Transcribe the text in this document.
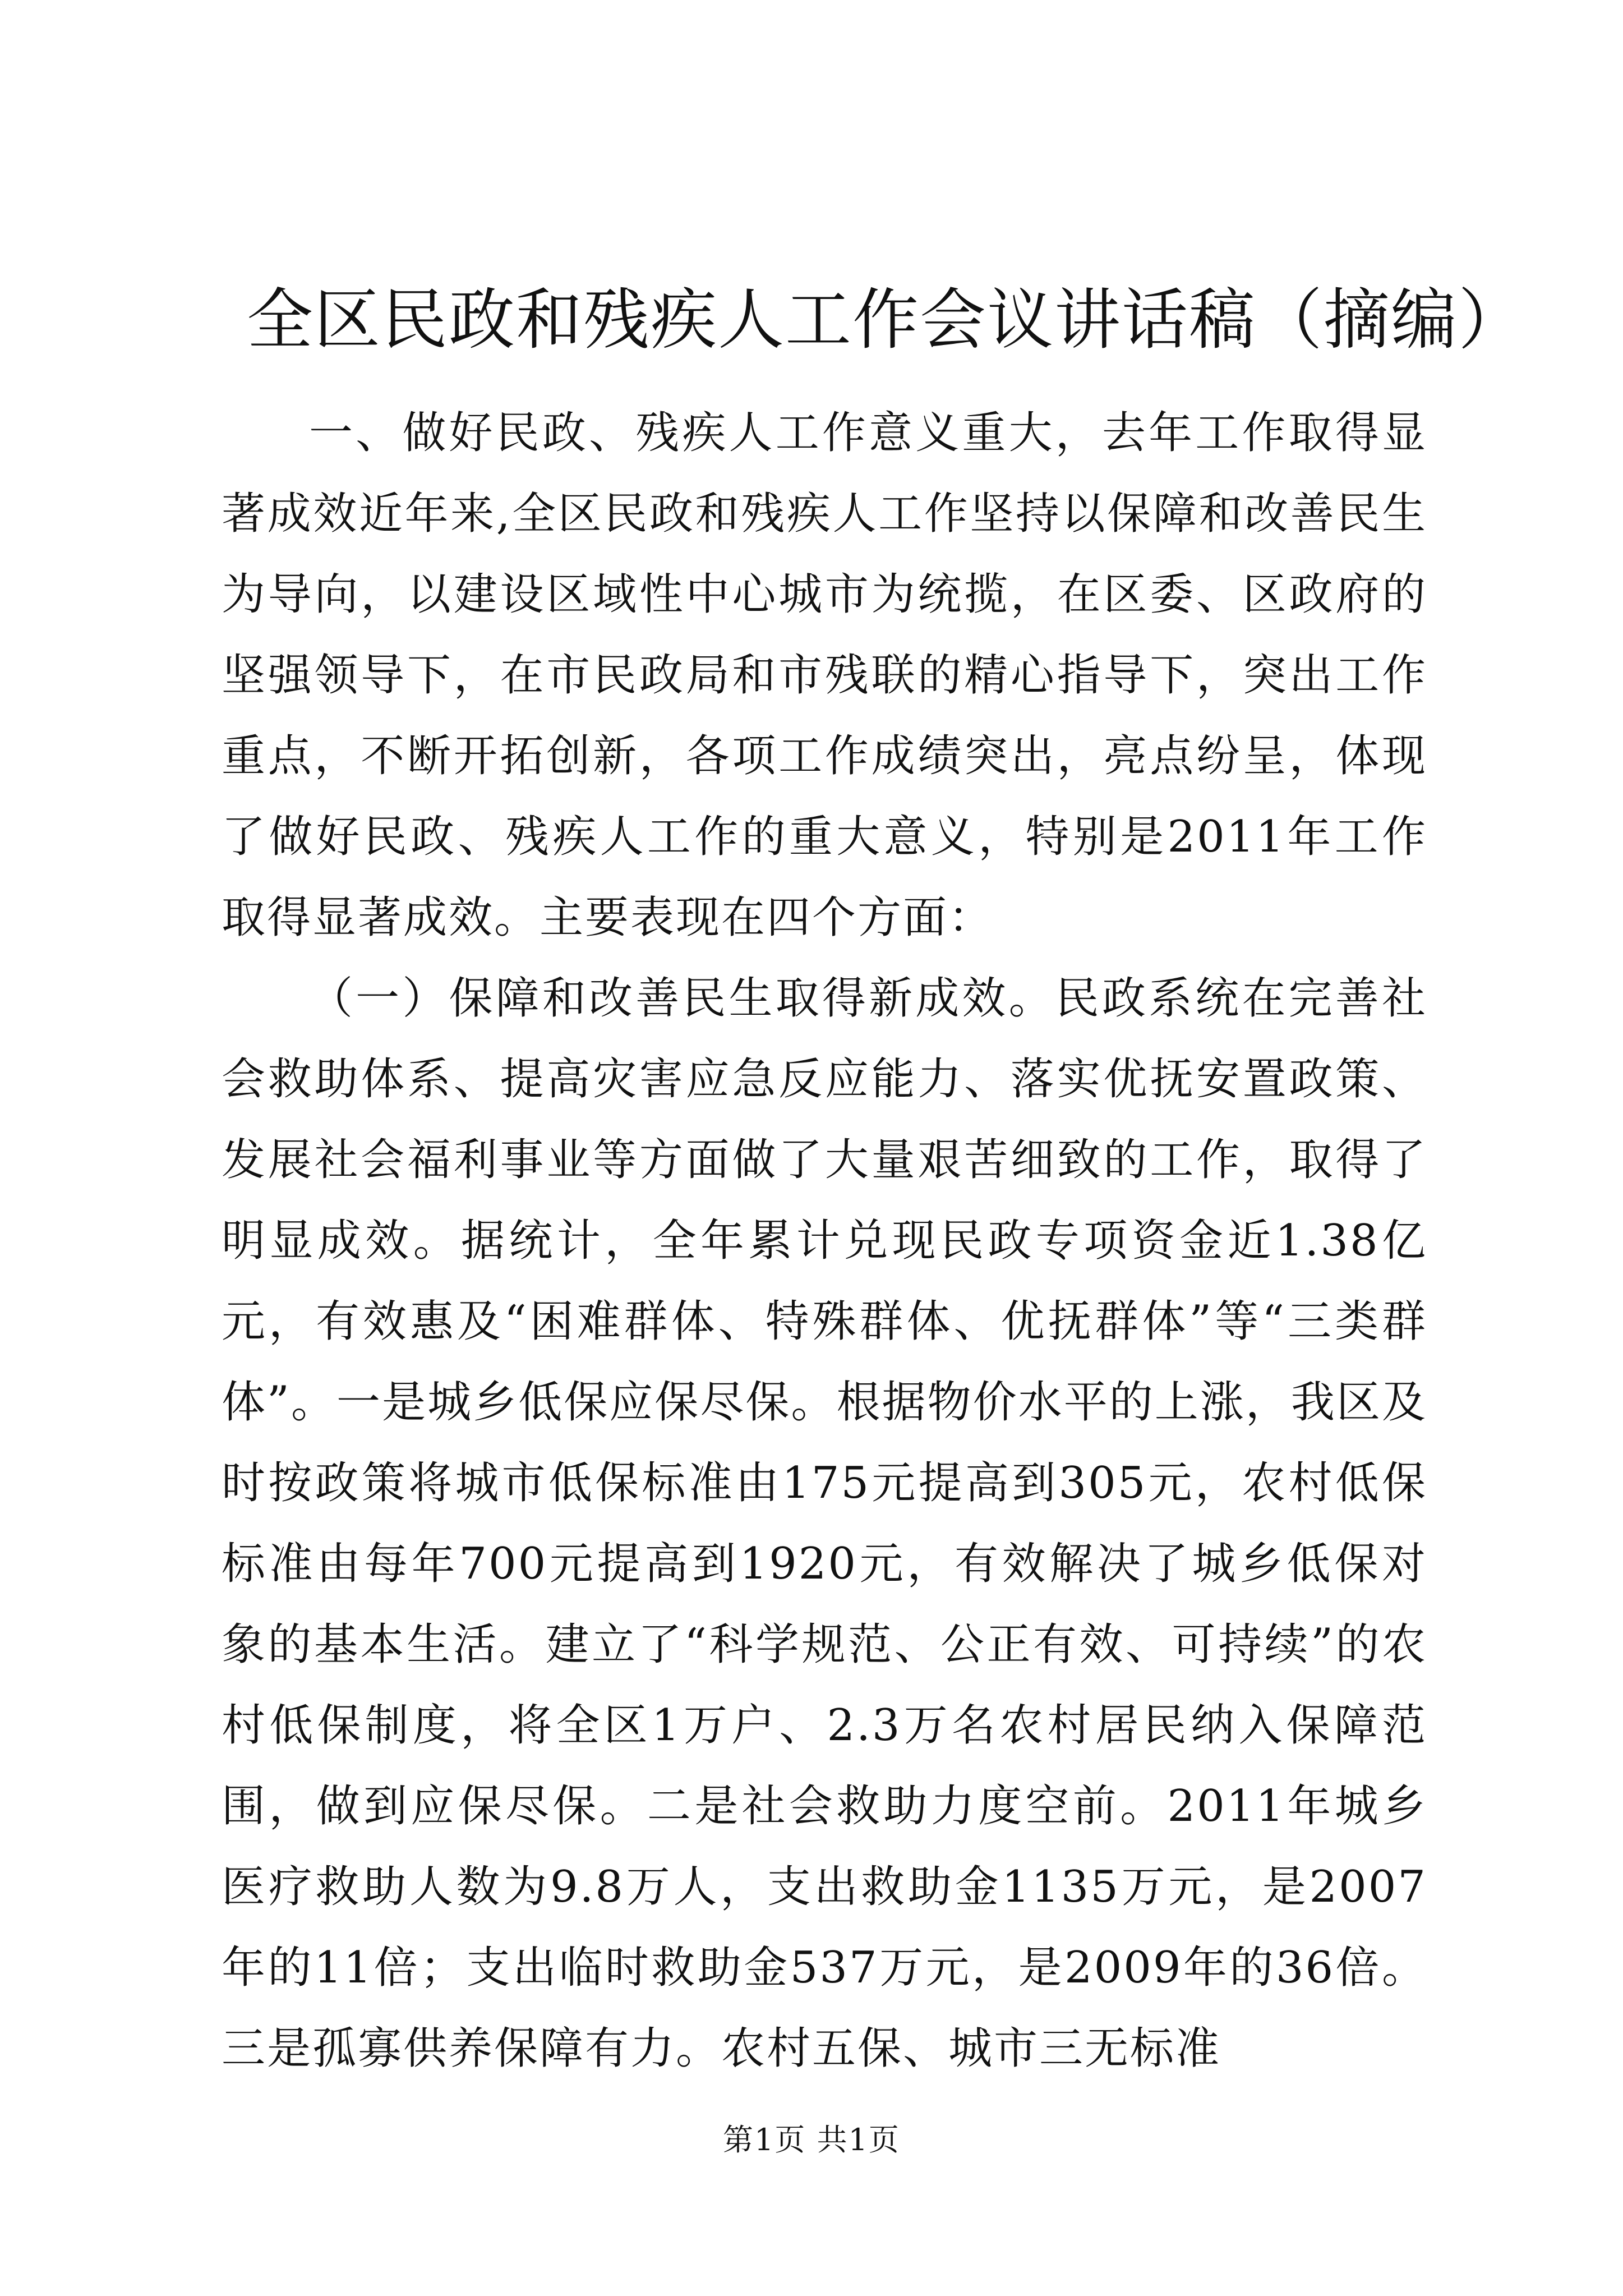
全区民政和残疾人工作会议讲话稿（摘编）

一、做好民政、残疾人工作意义重大，去年工作取得显著成效近年来,全区民政和残疾人工作坚持以保障和改善民生为导向，以建设区域性中心城市为统揽，在区委、区政府的坚强领导下，在市民政局和市残联的精心指导下，突出工作重点，不断开拓创新，各项工作成绩突出，亮点纷呈，体现了做好民政、残疾人工作的重大意义，特别是2011年工作取得显著成效。主要表现在四个方面：

（一）保障和改善民生取得新成效。民政系统在完善社会救助体系、提高灾害应急反应能力、落实优抚安置政策、发展社会福利事业等方面做了大量艰苦细致的工作，取得了明显成效。据统计，全年累计兑现民政专项资金近1.38亿元，有效惠及“困难群体、特殊群体、优抚群体”等“三类群体”。一是城乡低保应保尽保。根据物价水平的上涨，我区及时按政策将城市低保标准由175元提高到305元，农村低保标准由每年700元提高到1920元，有效解决了城乡低保对象的基本生活。建立了“科学规范、公正有效、可持续”的农村低保制度，将全区1万户、2.3万名农村居民纳入保障范围，做到应保尽保。二是社会救助力度空前。2011年城乡医疗救助人数为9.8万人，支出救助金1135万元，是2007年的11倍；支出临时救助金537万元，是2009年的36倍。三是孤寡供养保障有力。农村五保、城市三无标准

第1页 共1页
